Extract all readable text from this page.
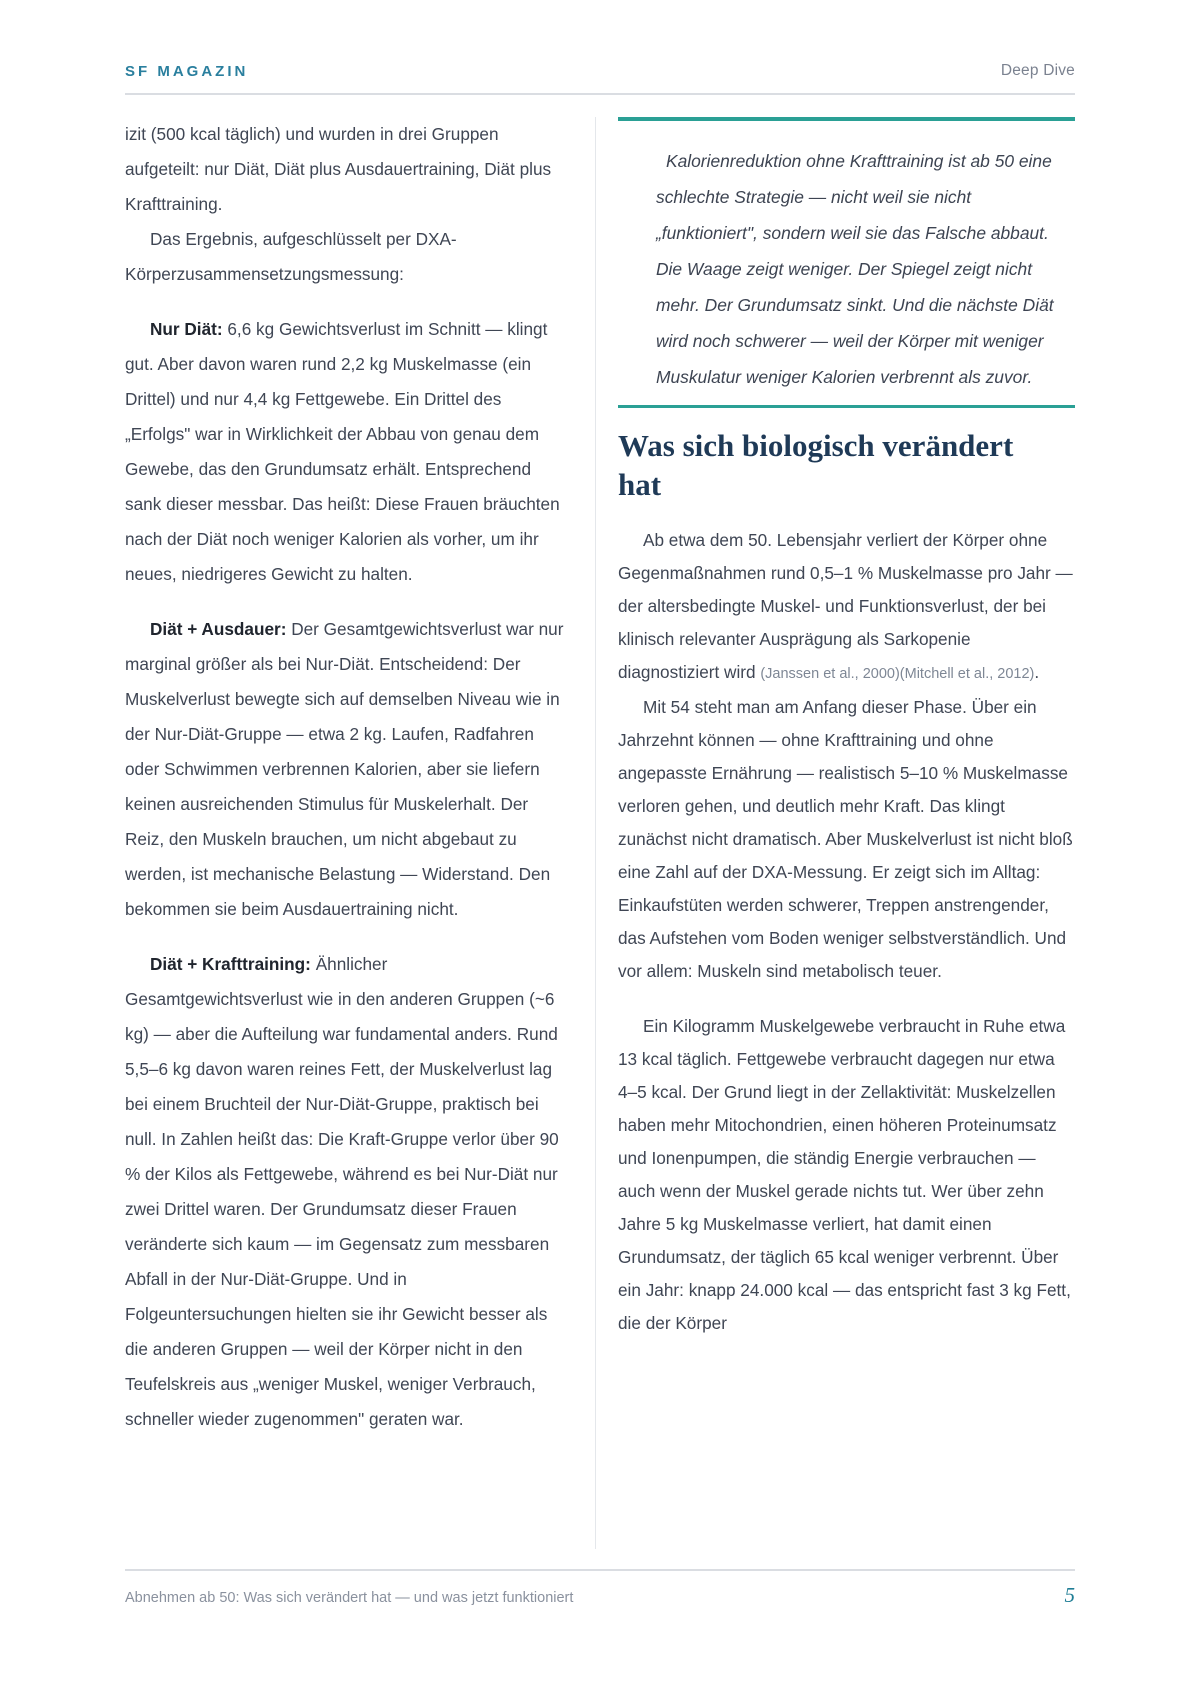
SF MAGAZIN	Deep Dive

izit (500 kcal täglich) und wurden in drei Gruppen aufgeteilt: nur Diät, Diät plus Ausdauertraining, Diät plus Krafttraining.

Das Ergebnis, aufgeschlüsselt per DXA-Körperzusammensetzungsmessung:

Nur Diät: 6,6 kg Gewichtsverlust im Schnitt — klingt gut. Aber davon waren rund 2,2 kg Muskelmasse (ein Drittel) und nur 4,4 kg Fettgewebe. Ein Drittel des „Erfolgs" war in Wirklichkeit der Abbau von genau dem Gewebe, das den Grundumsatz erhält. Entsprechend sank dieser messbar. Das heißt: Diese Frauen bräuchten nach der Diät noch weniger Kalorien als vorher, um ihr neues, niedrigeres Gewicht zu halten.

Diät + Ausdauer: Der Gesamtgewichtsverlust war nur marginal größer als bei Nur-Diät. Entscheidend: Der Muskelverlust bewegte sich auf demselben Niveau wie in der Nur-Diät-Gruppe — etwa 2 kg. Laufen, Radfahren oder Schwimmen verbrennen Kalorien, aber sie liefern keinen ausreichenden Stimulus für Muskelerhalt. Der Reiz, den Muskeln brauchen, um nicht abgebaut zu werden, ist mechanische Belastung — Widerstand. Den bekommen sie beim Ausdauertraining nicht.

Diät + Krafttraining: Ähnlicher Gesamtgewichtsverlust wie in den anderen Gruppen (~6 kg) — aber die Aufteilung war fundamental anders. Rund 5,5–6 kg davon waren reines Fett, der Muskelverlust lag bei einem Bruchteil der Nur-Diät-Gruppe, praktisch bei null. In Zahlen heißt das: Die Kraft-Gruppe verlor über 90 % der Kilos als Fettgewebe, während es bei Nur-Diät nur zwei Drittel waren. Der Grundumsatz dieser Frauen veränderte sich kaum — im Gegensatz zum messbaren Abfall in der Nur-Diät-Gruppe. Und in Folgeuntersuchungen hielten sie ihr Gewicht besser als die anderen Gruppen — weil der Körper nicht in den Teufelskreis aus „weniger Muskel, weniger Verbrauch, schneller wieder zugenommen" geraten war.

Kalorienreduktion ohne Krafttraining ist ab 50 eine schlechte Strategie — nicht weil sie nicht „funktioniert", sondern weil sie das Falsche abbaut. Die Waage zeigt weniger. Der Spiegel zeigt nicht mehr. Der Grundumsatz sinkt. Und die nächste Diät wird noch schwerer — weil der Körper mit weniger Muskulatur weniger Kalorien verbrennt als zuvor.

Was sich biologisch verändert hat

Ab etwa dem 50. Lebensjahr verliert der Körper ohne Gegenmaßnahmen rund 0,5–1 % Muskelmasse pro Jahr — der altersbedingte Muskel- und Funktionsverlust, der bei klinisch relevanter Ausprägung als Sarkopenie diagnostiziert wird (Janssen et al., 2000)(Mitchell et al., 2012).

Mit 54 steht man am Anfang dieser Phase. Über ein Jahrzehnt können — ohne Krafttraining und ohne angepasste Ernährung — realistisch 5–10 % Muskelmasse verloren gehen, und deutlich mehr Kraft. Das klingt zunächst nicht dramatisch. Aber Muskelverlust ist nicht bloß eine Zahl auf der DXA-Messung. Er zeigt sich im Alltag: Einkaufstüten werden schwerer, Treppen anstrengender, das Aufstehen vom Boden weniger selbstverständlich. Und vor allem: Muskeln sind metabolisch teuer.

Ein Kilogramm Muskelgewebe verbraucht in Ruhe etwa 13 kcal täglich. Fettgewebe verbraucht dagegen nur etwa 4–5 kcal. Der Grund liegt in der Zellaktivität: Muskelzellen haben mehr Mitochondrien, einen höheren Proteinumsatz und Ionenpumpen, die ständig Energie verbrauchen — auch wenn der Muskel gerade nichts tut. Wer über zehn Jahre 5 kg Muskelmasse verliert, hat damit einen Grundumsatz, der täglich 65 kcal weniger verbrennt. Über ein Jahr: knapp 24.000 kcal — das entspricht fast 3 kg Fett, die der Körper

Abnehmen ab 50: Was sich verändert hat — und was jetzt funktioniert	5
